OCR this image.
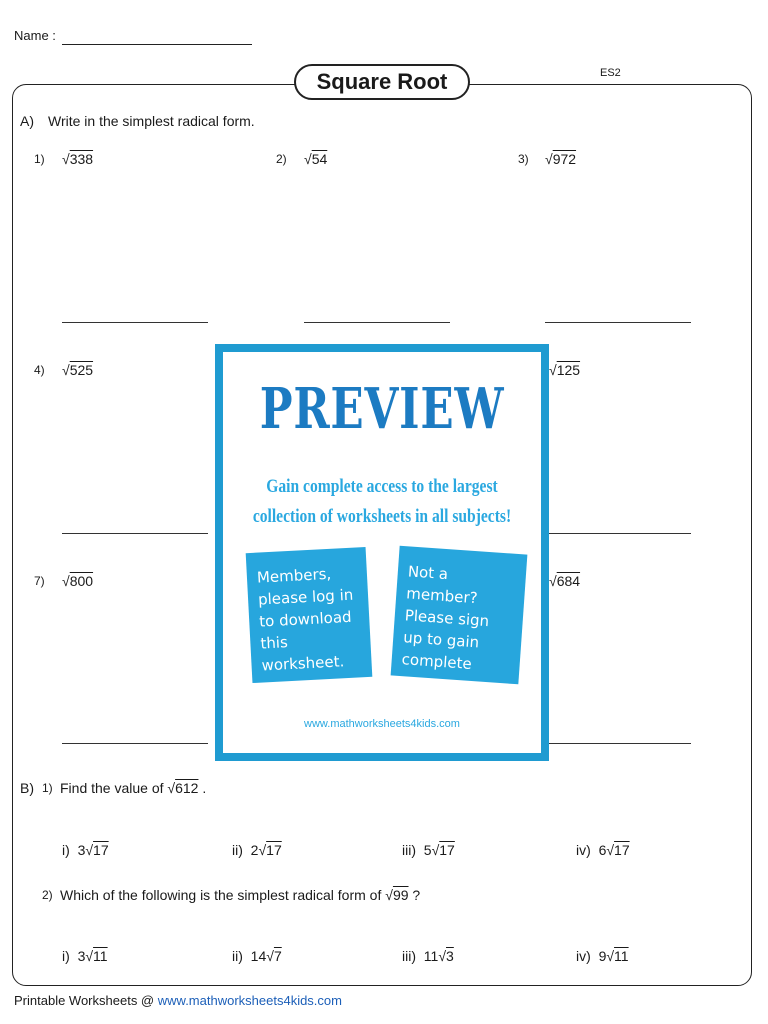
Name :
ES2
Square Root
A) Write in the simplest radical form.
1) √338	2) √54	3) √972
4) √525	√125
7) √800	√684
PREVIEW
Gain complete access to the largest
collection of worksheets in all subjects!
Members, please log in to download this worksheet.
Not a member? Please sign up to gain complete access.
www.mathworksheets4kids.com
B) 1) Find the value of √612 .
i) 3√17	ii) 2√17	iii) 5√17	iv) 6√17
2) Which of the following is the simplest radical form of √99 ?
i) 3√11	ii) 14√7	iii) 11√3	iv) 9√11
Printable Worksheets @ www.mathworksheets4kids.com
